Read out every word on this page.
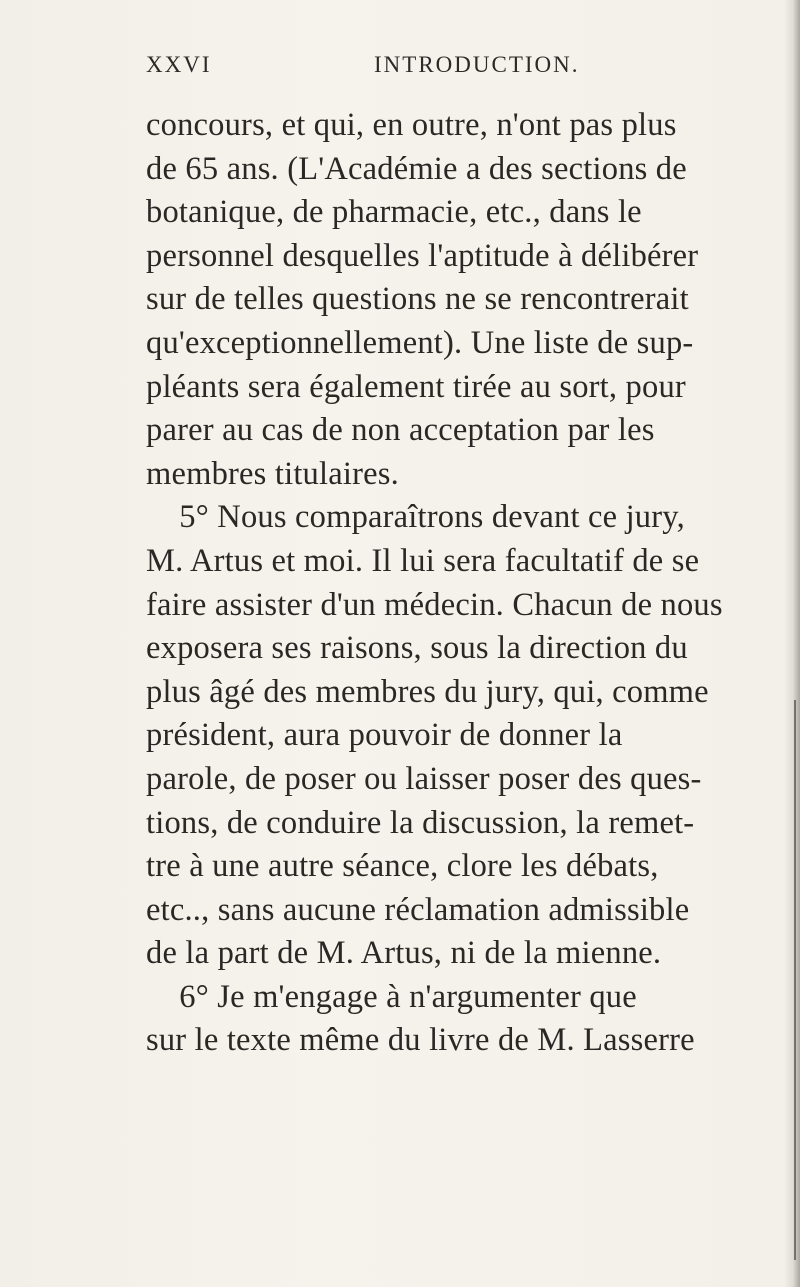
XXVI	INTRODUCTION.
concours, et qui, en outre, n'ont pas plus
de 65 ans. (L'Académie a des sections de
botanique, de pharmacie, etc., dans le
personnel desquelles l'aptitude à délibérer
sur de telles questions ne se rencontrerait
qu'exceptionnellement). Une liste de sup-
pléants sera également tirée au sort, pour
parer au cas de non acceptation par les
membres titulaires.
5° Nous comparaîtrons devant ce jury,
M. Artus et moi. Il lui sera facultatif de se
faire assister d'un médecin. Chacun de nous
exposera ses raisons, sous la direction du
plus âgé des membres du jury, qui, comme
président, aura pouvoir de donner la
parole, de poser ou laisser poser des ques-
tions, de conduire la discussion, la remet-
tre à une autre séance, clore les débats,
etc.., sans aucune réclamation admissible
de la part de M. Artus, ni de la mienne.
6° Je m'engage à n'argumenter que
sur le texte même du livre de M. Lasserre
